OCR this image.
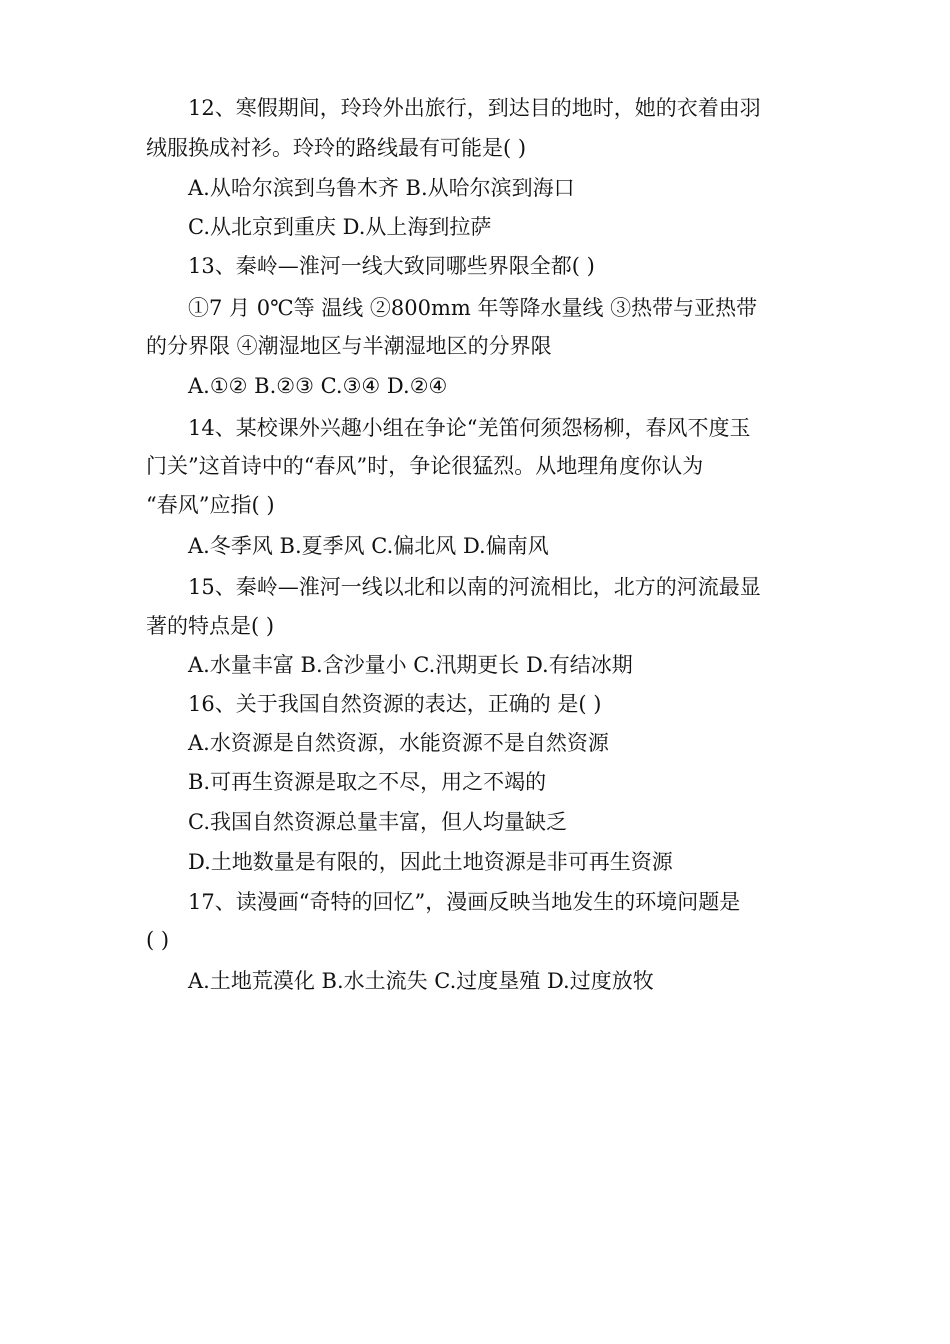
12、寒假期间，玲玲外出旅行，到达目的地时，她的衣着由羽
绒服换成衬衫。玲玲的路线最有可能是( )
A.从哈尔滨到乌鲁木齐 B.从哈尔滨到海口
C.从北京到重庆 D.从上海到拉萨
13、秦岭—淮河一线大致同哪些界限全都( )
①7 月 0℃等 温线 ②800mm 年等降水量线 ③热带与亚热带
的分界限 ④潮湿地区与半潮湿地区的分界限
A.①② B.②③ C.③④ D.②④
14、某校课外兴趣小组在争论“羌笛何须怨杨柳，春风不度玉
门关”这首诗中的“春风”时，争论很猛烈。从地理角度你认为
“春风”应指( )
A.冬季风 B.夏季风 C.偏北风 D.偏南风
15、秦岭—淮河一线以北和以南的河流相比，北方的河流最显
著的特点是( )
A.水量丰富 B.含沙量小 C.汛期更长 D.有结冰期
16、关于我国自然资源的表达，正确的 是( )
A.水资源是自然资源，水能资源不是自然资源
B.可再生资源是取之不尽，用之不竭的
C.我国自然资源总量丰富，但人均量缺乏
D.土地数量是有限的，因此土地资源是非可再生资源
17、读漫画“奇特的回忆”，漫画反映当地发生的环境问题是
( )
A.土地荒漠化 B.水土流失 C.过度垦殖 D.过度放牧
